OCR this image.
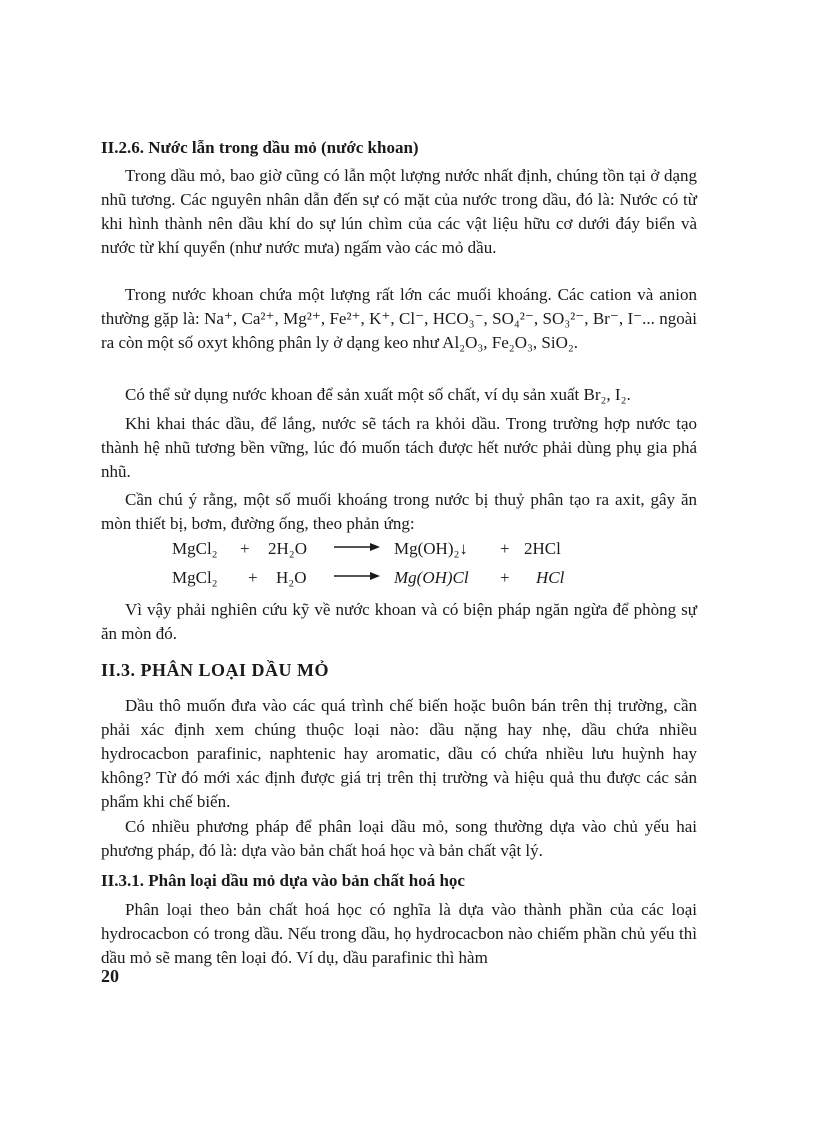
II.2.6. Nước lẫn trong dầu mỏ (nước khoan)

Trong dầu mỏ, bao giờ cũng có lẫn một lượng nước nhất định, chúng tồn tại ở dạng nhũ tương. Các nguyên nhân dẫn đến sự có mặt của nước trong dầu, đó là: Nước có từ khi hình thành nên dầu khí do sự lún chìm của các vật liệu hữu cơ dưới đáy biển và nước từ khí quyển (như nước mưa) ngấm vào các mỏ dầu.

Trong nước khoan chứa một lượng rất lớn các muối khoáng. Các cation và anion thường gặp là: Na⁺, Ca²⁺, Mg²⁺, Fe²⁺, K⁺, Cl⁻, HCO₃⁻, SO₄²⁻, SO₃²⁻, Br⁻, I⁻... ngoài ra còn một số oxyt không phân ly ở dạng keo như Al₂O₃, Fe₂O₃, SiO₂.

Có thể sử dụng nước khoan để sản xuất một số chất, ví dụ sản xuất Br₂, I₂.

Khi khai thác dầu, để lắng, nước sẽ tách ra khỏi dầu. Trong trường hợp nước tạo thành hệ nhũ tương bền vững, lúc đó muốn tách được hết nước phải dùng phụ gia phá nhũ.

Cần chú ý rằng, một số muối khoáng trong nước bị thuỷ phân tạo ra axit, gây ăn mòn thiết bị, bơm, đường ống, theo phản ứng:

MgCl₂ + 2H₂O	Mg(OH)₂↓ + 2HCl
MgCl₂ + H₂O	Mg(OH)Cl + HCl

Vì vậy phải nghiên cứu kỹ về nước khoan và có biện pháp ngăn ngừa để phòng sự ăn mòn đó.

II.3. PHÂN LOẠI DẦU MỎ

Dầu thô muốn đưa vào các quá trình chế biến hoặc buôn bán trên thị trường, cần phải xác định xem chúng thuộc loại nào: dầu nặng hay nhẹ, dầu chứa nhiều hydrocacbon parafinic, naphtenic hay aromatic, dầu có chứa nhiều lưu huỳnh hay không? Từ đó mới xác định được giá trị trên thị trường và hiệu quả thu được các sản phẩm khi chế biến.

Có nhiều phương pháp để phân loại dầu mỏ, song thường dựa vào chủ yếu hai phương pháp, đó là: dựa vào bản chất hoá học và bản chất vật lý.

II.3.1. Phân loại dầu mỏ dựa vào bản chất hoá học

Phân loại theo bản chất hoá học có nghĩa là dựa vào thành phần của các loại hydrocacbon có trong dầu. Nếu trong dầu, họ hydrocacbon nào chiếm phần chủ yếu thì dầu mỏ sẽ mang tên loại đó. Ví dụ, dầu parafinic thì hàm

20
